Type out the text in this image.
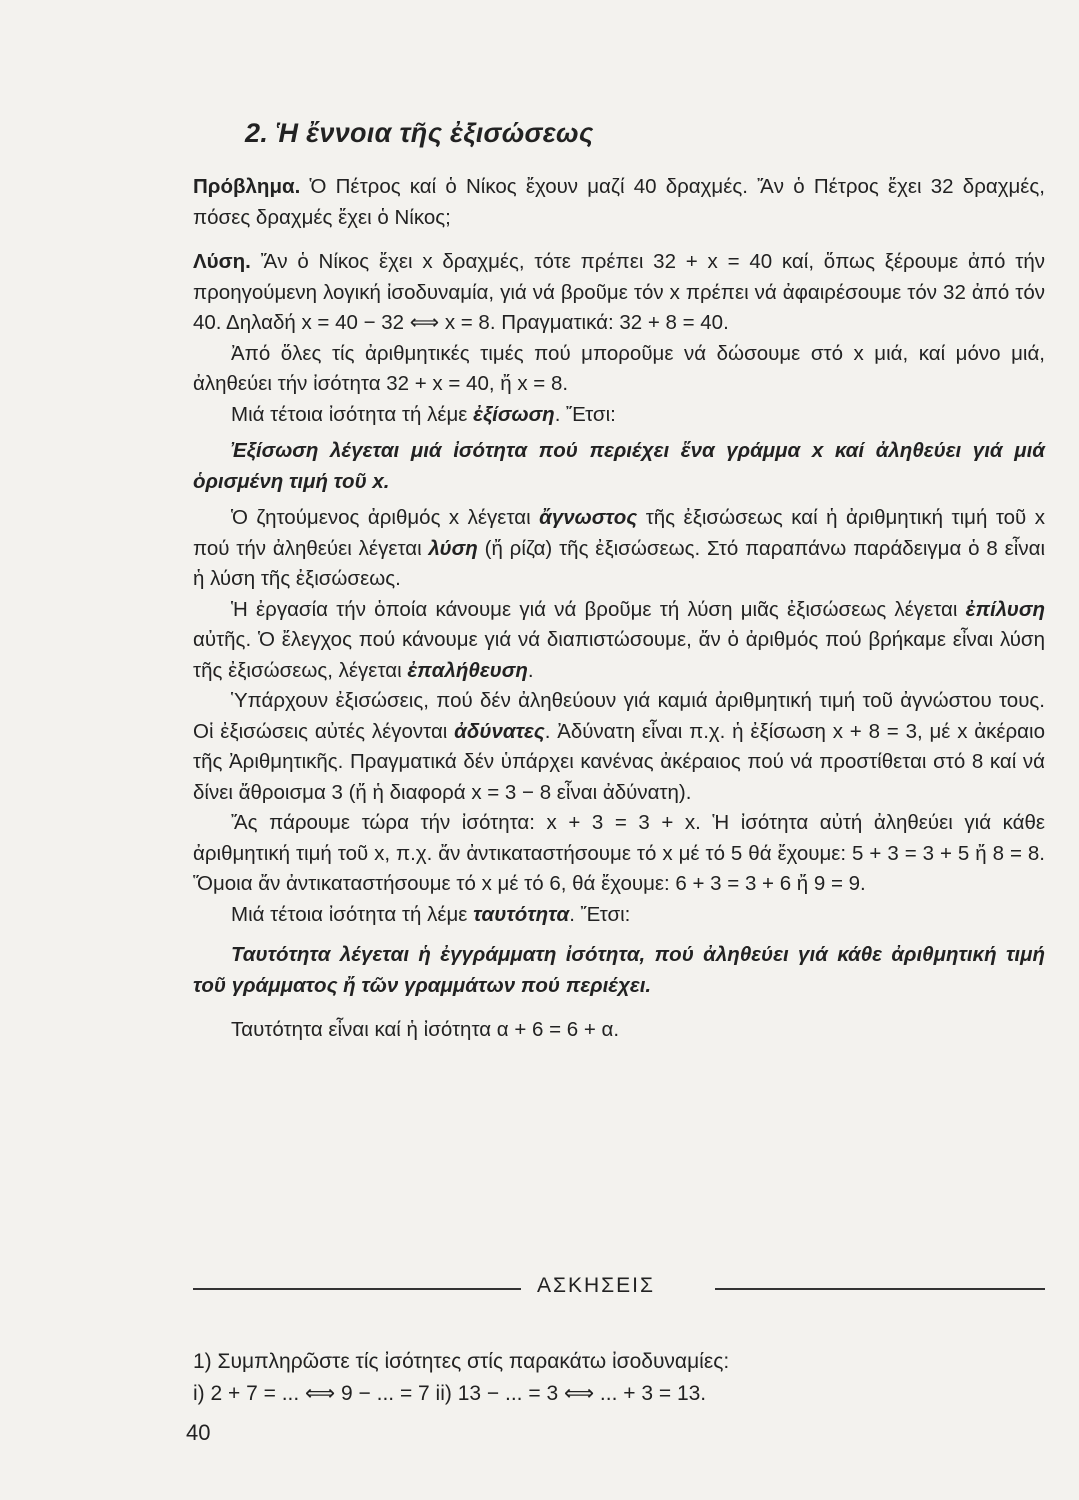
2. Ἡ ἔννοια τῆς ἐξισώσεως

Πρόβλημα. Ὁ Πέτρος καί ὁ Νίκος ἔχουν μαζί 40 δραχμές. Ἄν ὁ Πέτρος ἔχει 32 δραχμές, πόσες δραχμές ἔχει ὁ Νίκος;

Λύση. Ἄν ὁ Νίκος ἔχει x δραχμές, τότε πρέπει 32 + x = 40 καί, ὅπως ξέρουμε ἀπό τήν προηγούμενη λογική ἰσοδυναμία, γιά νά βροῦμε τόν x πρέπει νά ἀφαιρέσουμε τόν 32 ἀπό τόν 40. Δηλαδή x = 40 − 32 ⟺ x = 8. Πραγματικά: 32 + 8 = 40.

Ἀπό ὅλες τίς ἀριθμητικές τιμές πού μποροῦμε νά δώσουμε στό x μιά, καί μόνο μιά, ἀληθεύει τήν ἰσότητα 32 + x = 40, ἤ x = 8.

Μιά τέτοια ἰσότητα τή λέμε ἐξίσωση. Ἔτσι:

Ἐξίσωση λέγεται μιά ἰσότητα πού περιέχει ἕνα γράμμα x καί ἀληθεύει γιά μιά ὁρισμένη τιμή τοῦ x.

Ὁ ζητούμενος ἀριθμός x λέγεται ἄγνωστος τῆς ἐξισώσεως καί ἡ ἀριθμητική τιμή τοῦ x πού τήν ἀληθεύει λέγεται λύση (ἤ ρίζα) τῆς ἐξισώσεως. Στό παραπάνω παράδειγμα ὁ 8 εἶναι ἡ λύση τῆς ἐξισώσεως.

Ἡ ἐργασία τήν ὁποία κάνουμε γιά νά βροῦμε τή λύση μιᾶς ἐξισώσεως λέγεται ἐπίλυση αὐτῆς. Ὁ ἔλεγχος πού κάνουμε γιά νά διαπιστώσουμε, ἄν ὁ ἀριθμός πού βρήκαμε εἶναι λύση τῆς ἐξισώσεως, λέγεται ἐπαλήθευση.

Ὑπάρχουν ἐξισώσεις, πού δέν ἀληθεύουν γιά καμιά ἀριθμητική τιμή τοῦ ἀγνώστου τους. Οἱ ἐξισώσεις αὐτές λέγονται ἀδύνατες. Ἀδύνατη εἶναι π.χ. ἡ ἐξίσωση x + 8 = 3, μέ x ἀκέραιο τῆς Ἀριθμητικῆς. Πραγματικά δέν ὑπάρχει κανένας ἀκέραιος πού νά προστίθεται στό 8 καί νά δίνει ἄθροισμα 3 (ἤ ἡ διαφορά x = 3 − 8 εἶναι ἀδύνατη).

Ἄς πάρουμε τώρα τήν ἰσότητα: x + 3 = 3 + x. Ἡ ἰσότητα αὐτή ἀληθεύει γιά κάθε ἀριθμητική τιμή τοῦ x, π.χ. ἄν ἀντικαταστήσουμε τό x μέ τό 5 θά ἔχουμε: 5 + 3 = 3 + 5 ἤ 8 = 8. Ὅμοια ἄν ἀντικαταστήσουμε τό x μέ τό 6, θά ἔχουμε: 6 + 3 = 3 + 6 ἤ 9 = 9.

Μιά τέτοια ἰσότητα τή λέμε ταυτότητα. Ἔτσι:

Ταυτότητα λέγεται ἡ ἐγγράμματη ἰσότητα, πού ἀληθεύει γιά κάθε ἀριθμητική τιμή τοῦ γράμματος ἤ τῶν γραμμάτων πού περιέχει.

Ταυτότητα εἶναι καί ἡ ἰσότητα α + 6 = 6 + α.

ΑΣΚΗΣΕΙΣ
1) Συμπληρῶστε τίς ἰσότητες στίς παρακάτω ἰσοδυναμίες:
i) 2 + 7 = ... ⟺ 9 − ... = 7 ii) 13 − ... = 3 ⟺ ... + 3 = 13.
40
